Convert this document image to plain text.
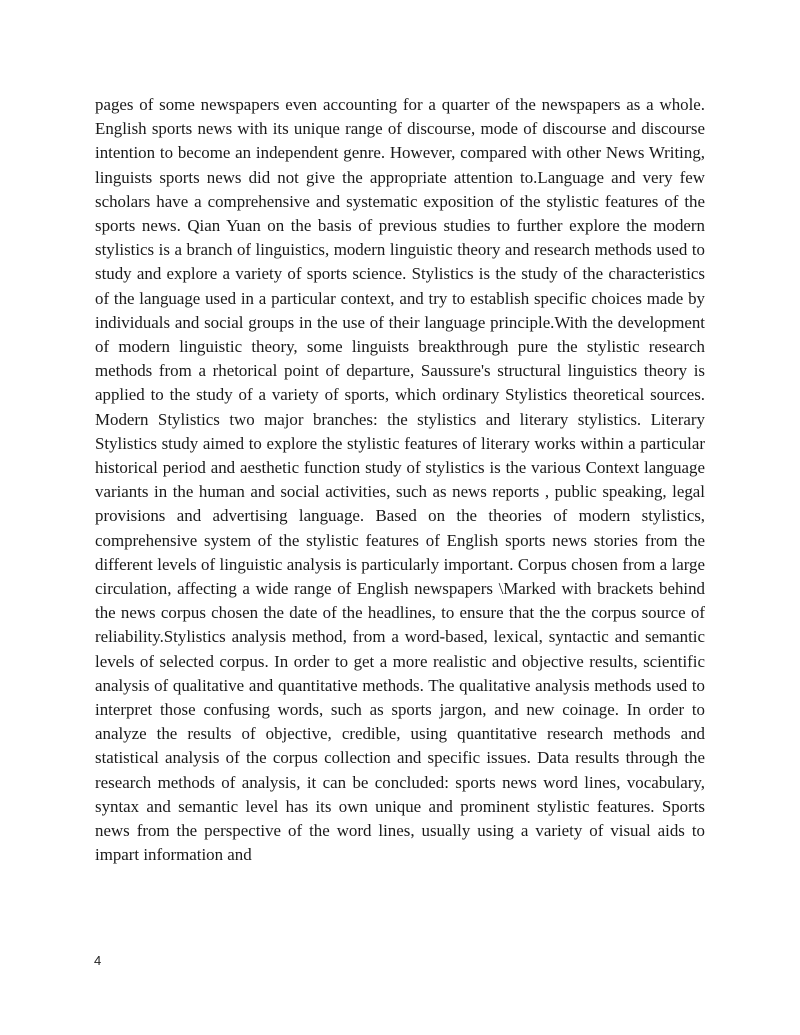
pages of some newspapers even accounting for a quarter of the newspapers as a whole. English sports news with its unique range of discourse, mode of discourse and discourse intention to become an independent genre. However, compared with other News Writing, linguists sports news did not give the appropriate attention to.Language and very few scholars have a comprehensive and systematic exposition of the stylistic features of the sports news. Qian Yuan on the basis of previous studies to further explore the modern stylistics is a branch of linguistics, modern linguistic theory and research methods used to study and explore a variety of sports science. Stylistics is the study of the characteristics of the language used in a particular context, and try to establish specific choices made by individuals and social groups in the use of their language principle.With the development of modern linguistic theory, some linguists breakthrough pure the stylistic research methods from a rhetorical point of departure, Saussure's structural linguistics theory is applied to the study of a variety of sports, which ordinary Stylistics theoretical sources. Modern Stylistics two major branches: the stylistics and literary stylistics. Literary Stylistics study aimed to explore the stylistic features of literary works within a particular historical period and aesthetic function study of stylistics is the various Context language variants in the human and social activities, such as news reports , public speaking, legal provisions and advertising language. Based on the theories of modern stylistics, comprehensive system of the stylistic features of English sports news stories from the different levels of linguistic analysis is particularly important. Corpus chosen from a large circulation, affecting a wide range of English newspapers \Marked with brackets behind the news corpus chosen the date of the headlines, to ensure that the the corpus source of reliability.Stylistics analysis method, from a word-based, lexical, syntactic and semantic levels of selected corpus. In order to get a more realistic and objective results, scientific analysis of qualitative and quantitative methods. The qualitative analysis methods used to interpret those confusing words, such as sports jargon, and new coinage. In order to analyze the results of objective, credible, using quantitative research methods and statistical analysis of the corpus collection and specific issues. Data results through the research methods of analysis, it can be concluded: sports news word lines, vocabulary, syntax and semantic level has its own unique and prominent stylistic features. Sports news from the perspective of the word lines, usually using a variety of visual aids to impart information and

4
